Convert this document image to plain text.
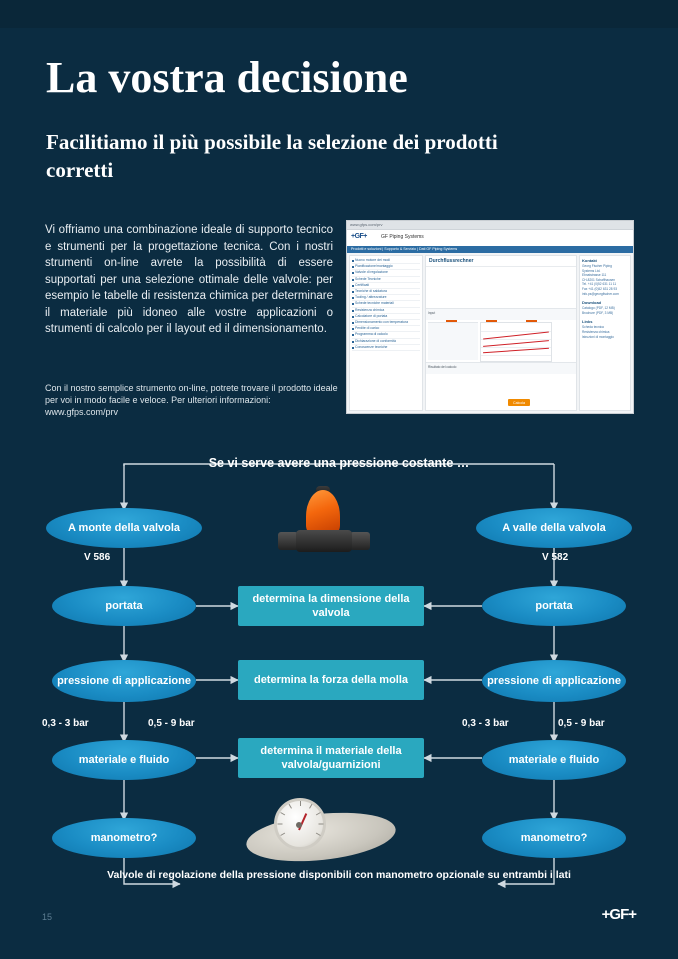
La vostra decisione
Facilitiamo il più possibile la selezione dei prodotti corretti

Vi offriamo una combinazione ideale di supporto tecnico e strumenti per la progettazione tecnica. Con i nostri strumenti on-line avrete la possibilità di essere supportati per una selezione ottimale delle valvole: per esempio le tabelle di resistenza chimica per determinare il materiale più idoneo alle vostre applicazioni o strumenti di calcolo per il layout ed il dimensionamento.

Con il nostro semplice strumento on-line, potrete trovare il prodotto ideale per voi in modo facile e veloce. Per ulteriori informazioni: www.gfps.com/prv

www.gfps.com/prv
+GF+	GF Piping Systems
Prodotti e soluzioni | Supporto & Servizio | Dati GF Piping Systems
Nuovo motore dei modi
Pianificazione/montaggio
Valvole di regolazione
Schede Tecniche
Certificati
Tecniche di saldatura
Tooling / attrezzature
Schede tecniche materiali
Resistenza chimica
Calcolatore di portata
Dimensionamento con temperatura
Perdite di carico
Programma di calcolo
Dichiarazione di conformità
Conoscenze tecniche
Durchflussrechner
Input
Risultato del calcolo
Calcola
Kontakt
Georg Fischer Piping
Systems Ltd.
Ebnatstrasse 111
CH-8201 Schaffhausen
Tel. +41 (0)52 631 11 11
Fax +41 (0)52 631 28 93
info.ps@georgfischer.com
Download
Catalogo (PDF, 12 MB)
Brochure (PDF, 3 MB)
Links
Scheda tecnica
Resistenza chimica
Istruzioni di montaggio
Se vi serve avere una pressione costante …
A monte della valvola
V 586
portata
pressione di applicazione
0,3 - 3 bar	0,5 - 9 bar
materiale e fluido
manometro?
A valle della valvola
V 582
portata
pressione di applicazione
0,3 - 3 bar	0,5 - 9 bar
materiale e fluido
manometro?
determina la dimensione della valvola
determina la forza della molla
determina il materiale della valvola/guarnizioni
Valvole di regolazione della pressione disponibili con manometro opzionale su entrambi i lati
15	+GF+
